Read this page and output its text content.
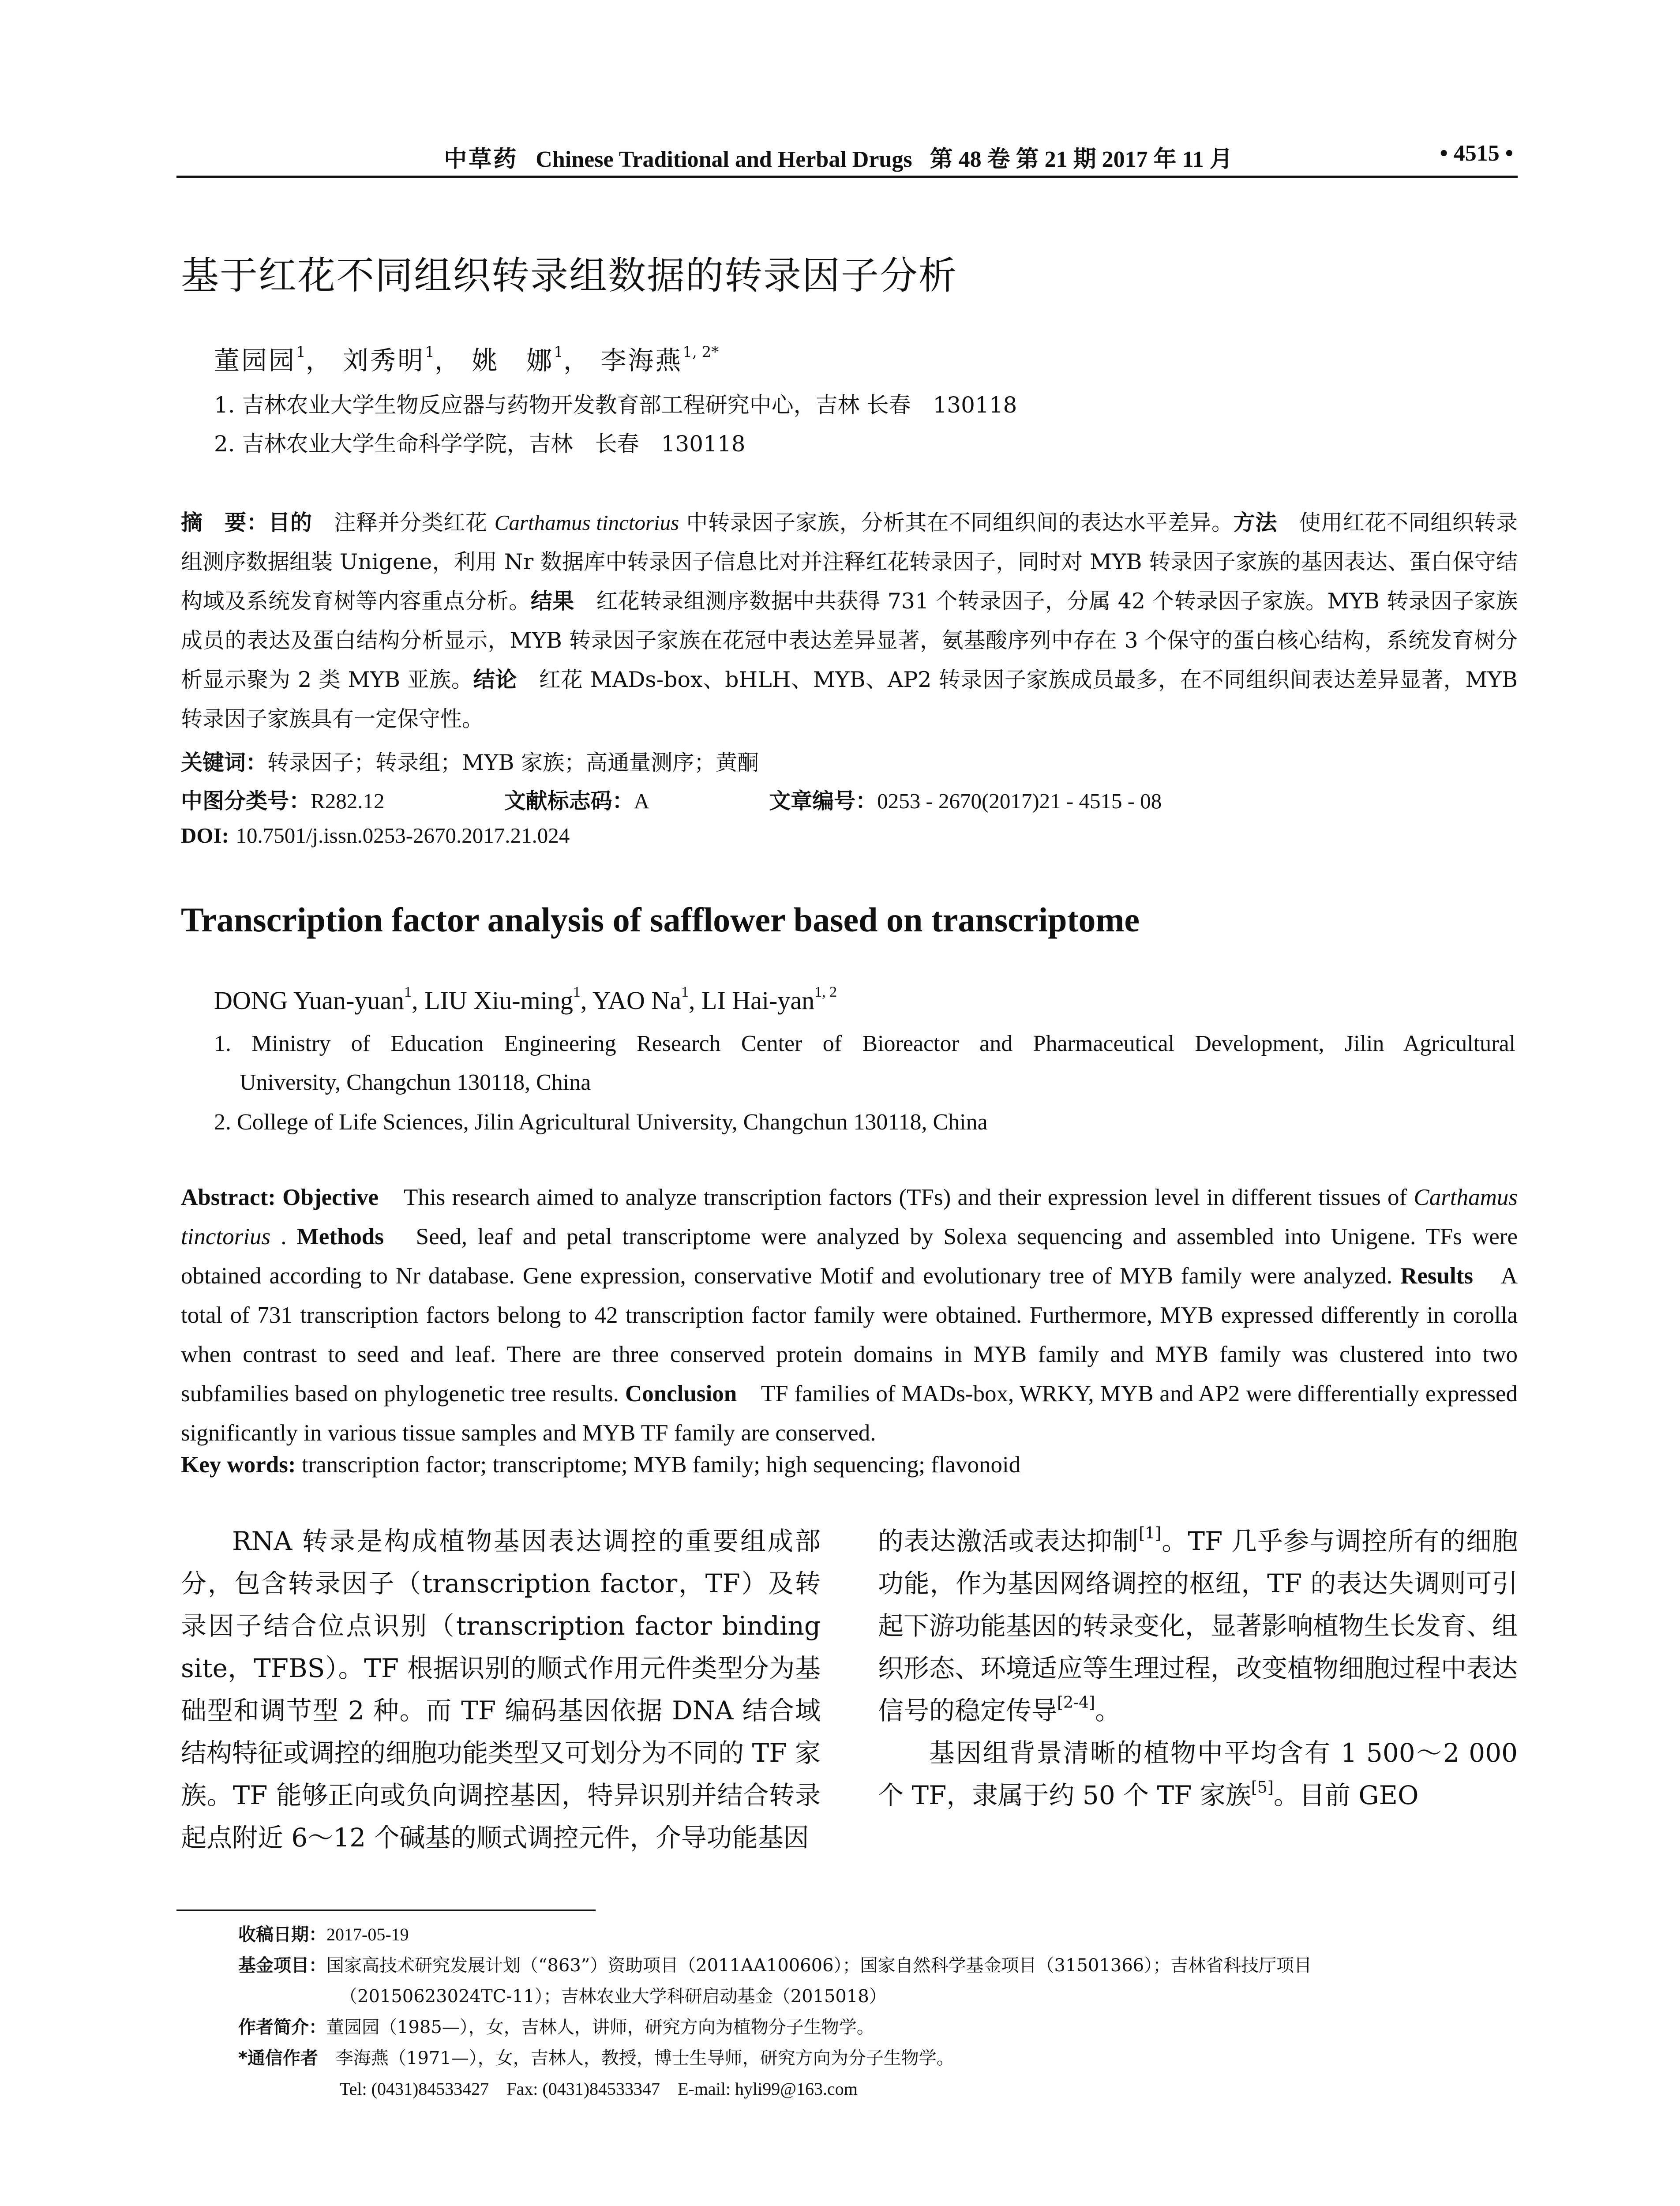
中草药 Chinese Traditional and Herbal Drugs 第 48 卷 第 21 期 2017 年 11 月	• 4515 •
基于红花不同组织转录组数据的转录因子分析
董园园$^1$， 刘秀明$^1$， 姚　娜$^1$， 李海燕$^{1, 2*}$
1. 吉林农业大学生物反应器与药物开发教育部工程研究中心，吉林 长春　130118
2. 吉林农业大学生命科学学院，吉林　长春　130118
摘　要：目的　注释并分类红花 Carthamus tinctorius 中转录因子家族，分析其在不同组织间的表达水平差异。方法　使用红花不同组织转录组测序数据组装 Unigene，利用 Nr 数据库中转录因子信息比对并注释红花转录因子，同时对 MYB 转录因子家族的基因表达、蛋白保守结构域及系统发育树等内容重点分析。结果　红花转录组测序数据中共获得 731 个转录因子，分属 42 个转录因子家族。MYB 转录因子家族成员的表达及蛋白结构分析显示，MYB 转录因子家族在花冠中表达差异显著，氨基酸序列中存在 3 个保守的蛋白核心结构，系统发育树分析显示聚为 2 类 MYB 亚族。结论　红花 MADs-box、bHLH、MYB、AP2 转录因子家族成员最多，在不同组织间表达差异显著，MYB 转录因子家族具有一定保守性。
关键词：转录因子；转录组；MYB 家族；高通量测序；黄酮
中图分类号：R282.12	文献标志码：A	文章编号：0253 - 2670(2017)21 - 4515 - 08
DOI: 10.7501/j.issn.0253-2670.2017.21.024
Transcription factor analysis of safflower based on transcriptome
DONG Yuan-yuan$^1$, LIU Xiu-ming$^1$, YAO Na$^1$, LI Hai-yan$^{1, 2}$
1. Ministry of Education Engineering Research Center of Bioreactor and Pharmaceutical Development, Jilin Agricultural
University, Changchun 130118, China
2. College of Life Sciences, Jilin Agricultural University, Changchun 130118, China
Abstract: Objective　This research aimed to analyze transcription factors (TFs) and their expression level in different tissues of Carthamus tinctorius . Methods　Seed, leaf and petal transcriptome were analyzed by Solexa sequencing and assembled into Unigene. TFs were obtained according to Nr database. Gene expression, conservative Motif and evolutionary tree of MYB family were analyzed. Results　A total of 731 transcription factors belong to 42 transcription factor family were obtained. Furthermore, MYB expressed differently in corolla when contrast to seed and leaf. There are three conserved protein domains in MYB family and MYB family was clustered into two subfamilies based on phylogenetic tree results. Conclusion　TF families of MADs-box, WRKY, MYB and AP2 were differentially expressed significantly in various tissue samples and MYB TF family are conserved.
Key words: transcription factor; transcriptome; MYB family; high sequencing; flavonoid

RNA 转录是构成植物基因表达调控的重要组成部分，包含转录因子（transcription factor，TF）及转录因子结合位点识别（transcription factor binding site，TFBS）。TF 根据识别的顺式作用元件类型分为基础型和调节型 2 种。而 TF 编码基因依据 DNA 结合域结构特征或调控的细胞功能类型又可划分为不同的 TF 家族。TF 能够正向或负向调控基因，特异识别并结合转录起点附近 6～12 个碱基的顺式调控元件，介导功能基因

的表达激活或表达抑制[1]。TF 几乎参与调控所有的细胞功能，作为基因网络调控的枢纽，TF 的表达失调则可引起下游功能基因的转录变化，显著影响植物生长发育、组织形态、环境适应等生理过程，改变植物细胞过程中表达信号的稳定传导[2-4]。

基因组背景清晰的植物中平均含有 1 500～2 000 个 TF，隶属于约 50 个 TF 家族[5]。目前 GEO

收稿日期：2017-05-19
基金项目：国家高技术研究发展计划（“863”）资助项目（2011AA100606）；国家自然科学基金项目（31501366）；吉林省科技厅项目
（20150623024TC-11）；吉林农业大学科研启动基金（2015018）
作者简介：董园园（1985—），女，吉林人，讲师，研究方向为植物分子生物学。
*通信作者　李海燕（1971—），女，吉林人，教授，博士生导师，研究方向为分子生物学。
Tel: (0431)84533427　Fax: (0431)84533347　E-mail: hyli99@163.com
